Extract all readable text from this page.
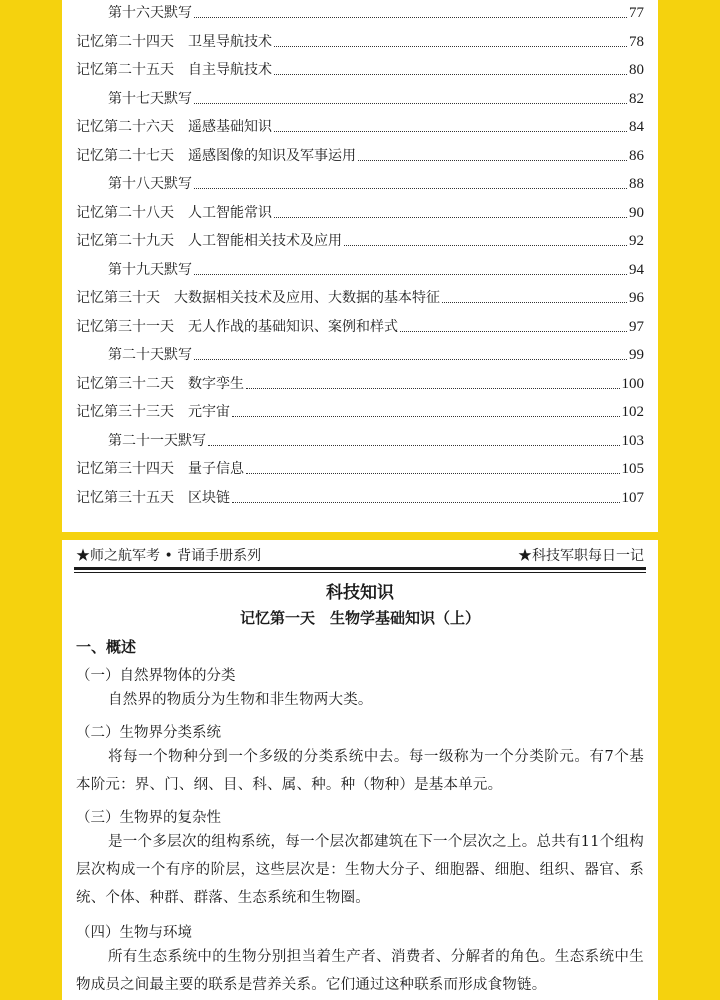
第十六天默写	77
记忆第二十四天　卫星导航技术	78
记忆第二十五天　自主导航技术	80
第十七天默写	82
记忆第二十六天　遥感基础知识	84
记忆第二十七天　遥感图像的知识及军事运用	86
第十八天默写	88
记忆第二十八天　人工智能常识	90
记忆第二十九天　人工智能相关技术及应用	92
第十九天默写	94
记忆第三十天　大数据相关技术及应用、大数据的基本特征	96
记忆第三十一天　无人作战的基础知识、案例和样式	97
第二十天默写	99
记忆第三十二天　数字孪生	100
记忆第三十三天　元宇宙	102
第二十一天默写	103
记忆第三十四天　量子信息	105
记忆第三十五天　区块链	107
★师之航军考 • 背诵手册系列	★科技军职每日一记
科技知识
记忆第一天　生物学基础知识（上）
一、概述
（一）自然界物体的分类
自然界的物质分为生物和非生物两大类。
（二）生物界分类系统
将每一个物种分到一个多级的分类系统中去。每一级称为一个分类阶元。有7个基本阶元：界、门、纲、目、科、属、种。种（物种）是基本单元。
（三）生物界的复杂性
是一个多层次的组构系统，每一个层次都建筑在下一个层次之上。总共有11个组构层次构成一个有序的阶层，这些层次是：生物大分子、细胞器、细胞、组织、器官、系统、个体、种群、群落、生态系统和生物圈。
（四）生物与环境
所有生态系统中的生物分别担当着生产者、消费者、分解者的角色。生态系统中生物成员之间最主要的联系是营养关系。它们通过这种联系而形成食物链。
